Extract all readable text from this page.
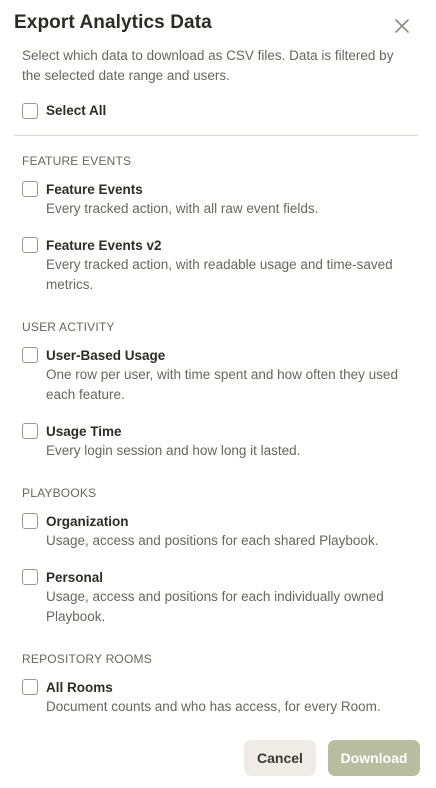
Export Analytics Data
Select which data to download as CSV files. Data is filtered by the selected date range and users.
Select All
FEATURE EVENTS
Feature Events
Every tracked action, with all raw event fields.
Feature Events v2
Every tracked action, with readable usage and time-saved metrics.
USER ACTIVITY
User-Based Usage
One row per user, with time spent and how often they used each feature.
Usage Time
Every login session and how long it lasted.
PLAYBOOKS
Organization
Usage, access and positions for each shared Playbook.
Personal
Usage, access and positions for each individually owned Playbook.
REPOSITORY ROOMS
All Rooms
Document counts and who has access, for every Room.
Cancel	Download
